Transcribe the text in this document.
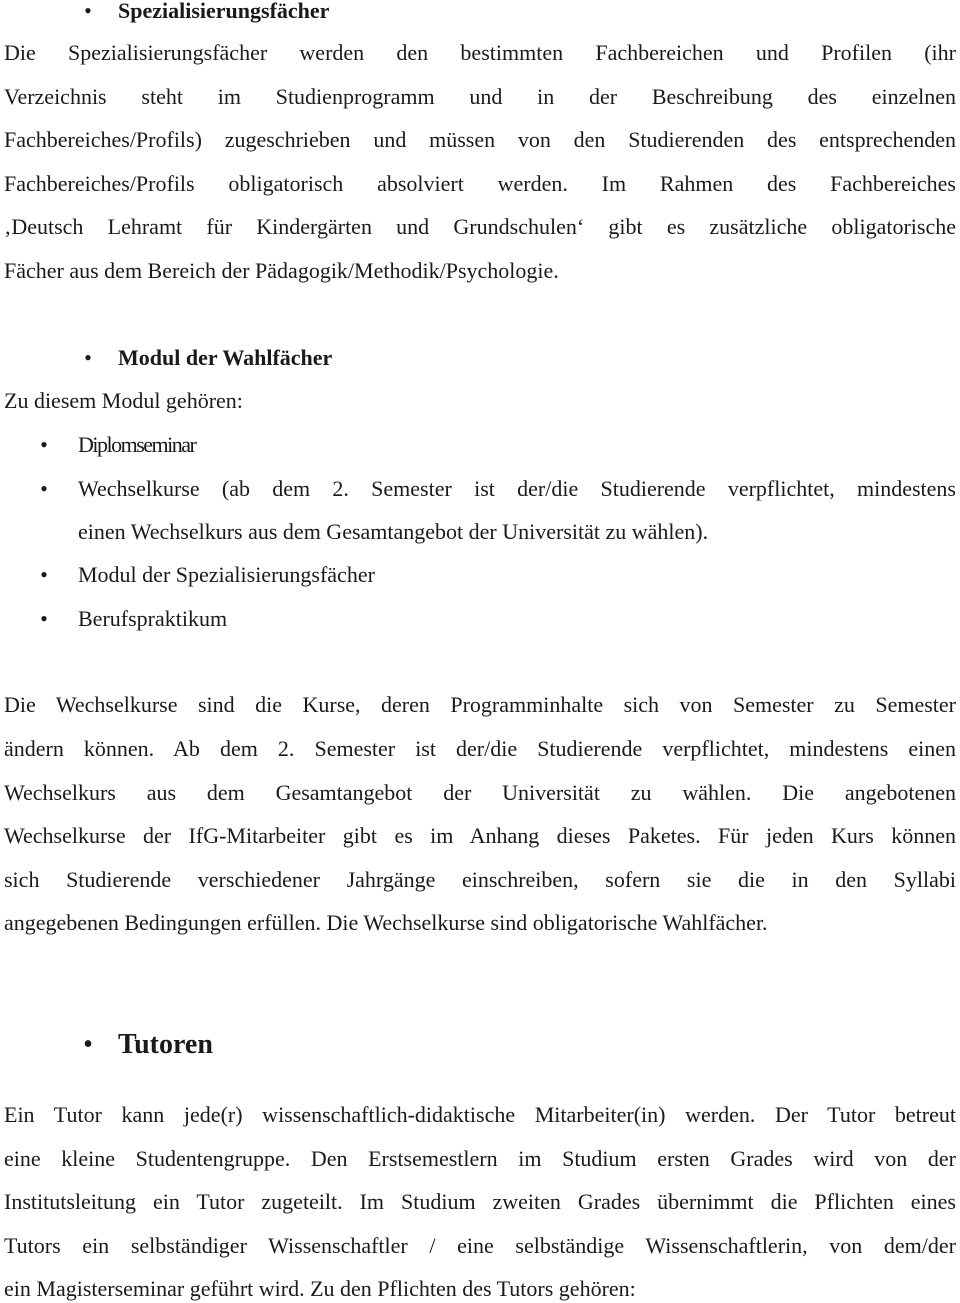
• Spezialisierungsfächer
Die Spezialisierungsfächer werden den bestimmten Fachbereichen und Profilen (ihr
Verzeichnis steht im Studienprogramm und in der Beschreibung des einzelnen
Fachbereiches/Profils) zugeschrieben und müssen von den Studierenden des entsprechenden
Fachbereiches/Profils obligatorisch absolviert werden. Im Rahmen des Fachbereiches
‚Deutsch Lehramt für Kindergärten und Grundschulen‘ gibt es zusätzliche obligatorische
Fächer aus dem Bereich der Pädagogik/Methodik/Psychologie.
• Modul der Wahlfächer
Zu diesem Modul gehören:
• Diplomseminar
• Wechselkurse (ab dem 2. Semester ist der/die Studierende verpflichtet, mindestens
einen Wechselkurs aus dem Gesamtangebot der Universität zu wählen).
• Modul der Spezialisierungsfächer
• Berufspraktikum
Die Wechselkurse sind die Kurse, deren Programminhalte sich von Semester zu Semester
ändern können. Ab dem 2. Semester ist der/die Studierende verpflichtet, mindestens einen
Wechselkurs aus dem Gesamtangebot der Universität zu wählen. Die angebotenen
Wechselkurse der IfG-Mitarbeiter gibt es im Anhang dieses Paketes. Für jeden Kurs können
sich Studierende verschiedener Jahrgänge einschreiben, sofern sie die in den Syllabi
angegebenen Bedingungen erfüllen. Die Wechselkurse sind obligatorische Wahlfächer.
• Tutoren
Ein Tutor kann jede(r) wissenschaftlich-didaktische Mitarbeiter(in) werden. Der Tutor betreut
eine kleine Studentengruppe. Den Erstsemestlern im Studium ersten Grades wird von der
Institutsleitung ein Tutor zugeteilt. Im Studium zweiten Grades übernimmt die Pflichten eines
Tutors ein selbständiger Wissenschaftler / eine selbständige Wissenschaftlerin, von dem/der
ein Magisterseminar geführt wird. Zu den Pflichten des Tutors gehören:
